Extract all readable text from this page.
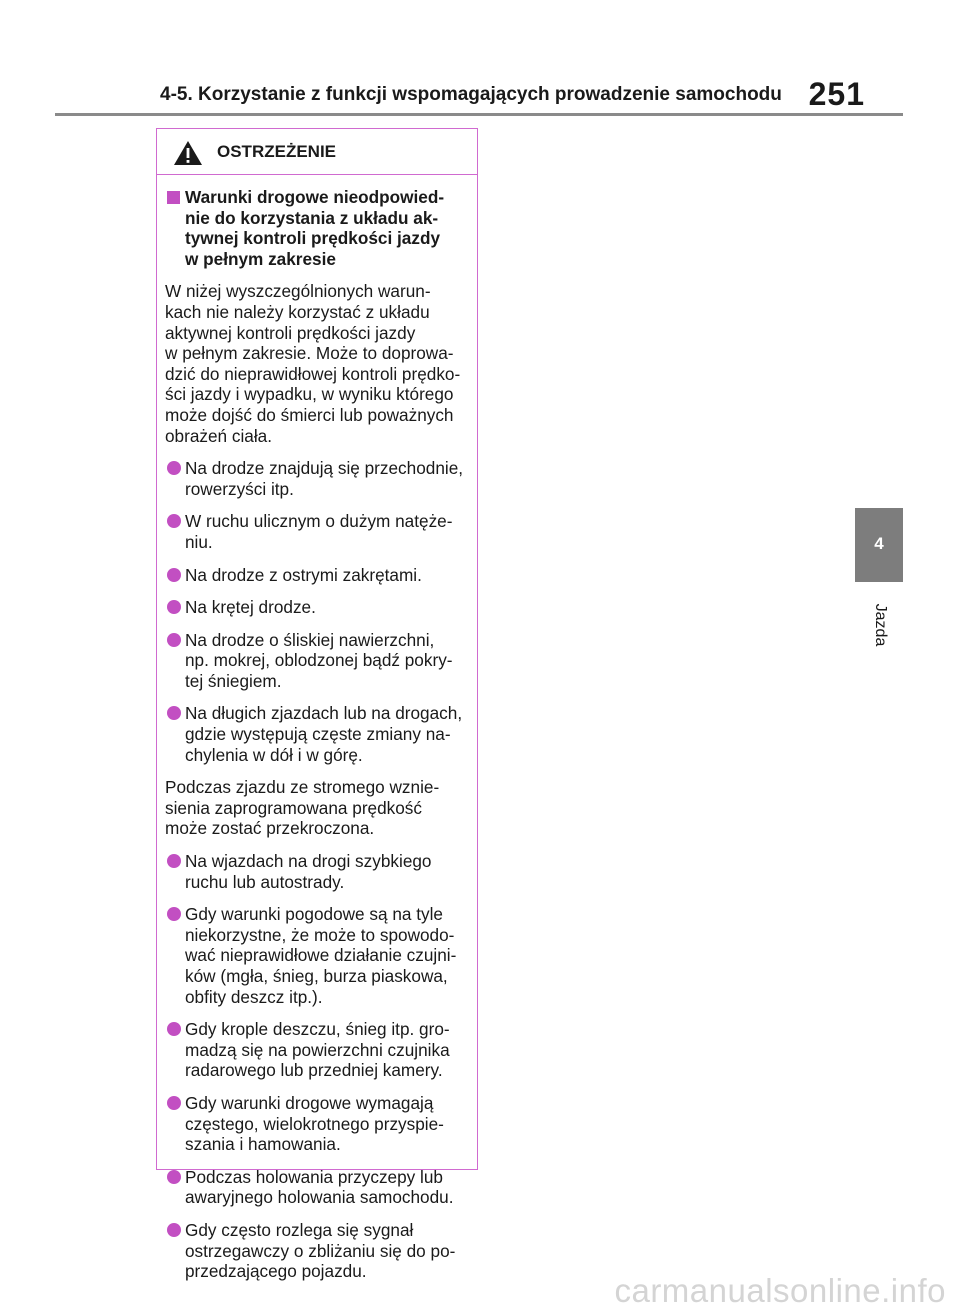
4-5. Korzystanie z funkcji wspomagających prowadzenie samochodu 251
OSTRZEŻENIE
Warunki drogowe nieodpowied-
nie do korzystania z układu ak-
tywnej kontroli prędkości jazdy
w pełnym zakresie
W niżej wyszczególnionych warun-
kach nie należy korzystać z układu
aktywnej kontroli prędkości jazdy
w pełnym zakresie. Może to doprowa-
dzić do nieprawidłowej kontroli prędko-
ści jazdy i wypadku, w wyniku którego
może dojść do śmierci lub poważnych
obrażeń ciała.
Na drodze znajdują się przechodnie,
rowerzyści itp.
W ruchu ulicznym o dużym natęże-
niu.
Na drodze z ostrymi zakrętami.
Na krętej drodze.
Na drodze o śliskiej nawierzchni,
np. mokrej, oblodzonej bądź pokry-
tej śniegiem.
Na długich zjazdach lub na drogach,
gdzie występują częste zmiany na-
chylenia w dół i w górę.
Podczas zjazdu ze stromego wznie-
sienia zaprogramowana prędkość
może zostać przekroczona.
Na wjazdach na drogi szybkiego
ruchu lub autostrady.
Gdy warunki pogodowe są na tyle
niekorzystne, że może to spowodo-
wać nieprawidłowe działanie czujni-
ków (mgła, śnieg, burza piaskowa,
obfity deszcz itp.).
Gdy krople deszczu, śnieg itp. gro-
madzą się na powierzchni czujnika
radarowego lub przedniej kamery.
Gdy warunki drogowe wymagają
częstego, wielokrotnego przyspie-
szania i hamowania.
Podczas holowania przyczepy lub
awaryjnego holowania samochodu.
Gdy często rozlega się sygnał
ostrzegawczy o zbliżaniu się do po-
przedzającego pojazdu.
4
Jazda
carmanualsonline.info
